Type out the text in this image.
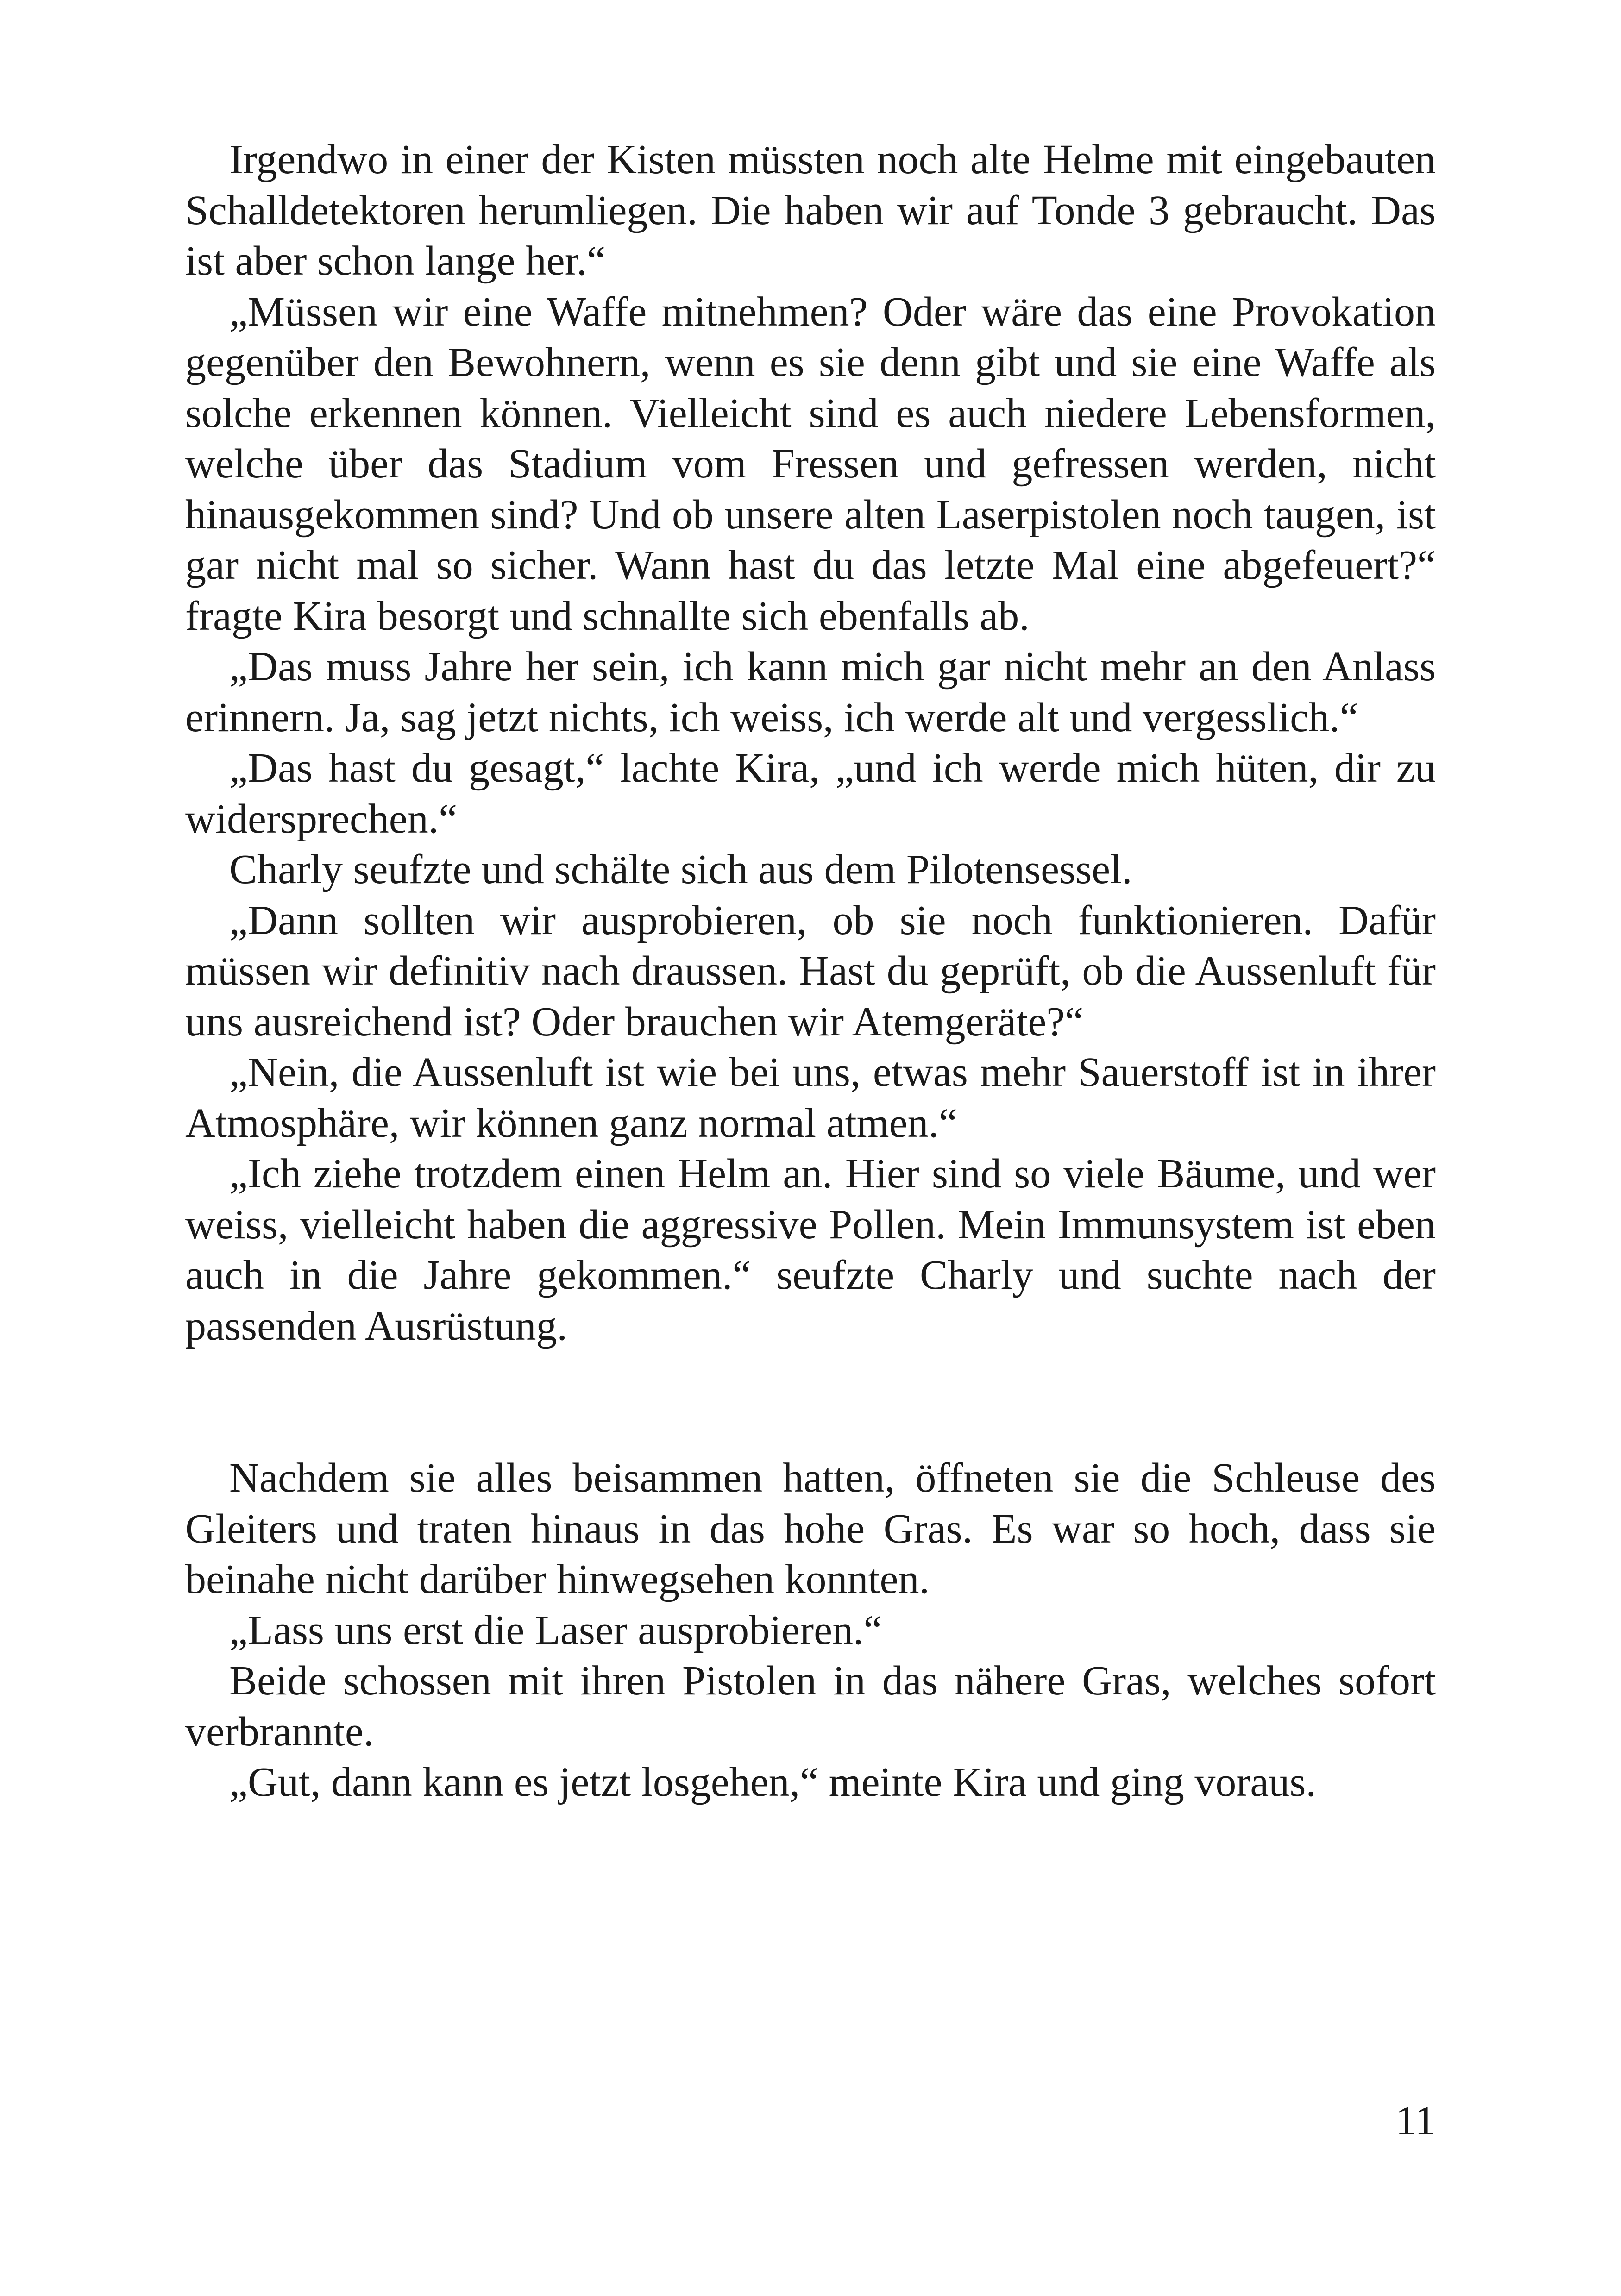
Irgendwo in einer der Kisten müssten noch alte Helme mit eingebauten Schalldetektoren herumliegen. Die haben wir auf Tonde 3 gebraucht. Das ist aber schon lange her.“

„Müssen wir eine Waffe mitnehmen? Oder wäre das eine Provokation gegenüber den Bewohnern, wenn es sie denn gibt und sie eine Waffe als solche erkennen können. Vielleicht sind es auch niedere Lebensformen, welche über das Stadium vom Fressen und gefressen werden, nicht hinausgekommen sind? Und ob unsere alten Laserpistolen noch taugen, ist gar nicht mal so sicher. Wann hast du das letzte Mal eine abgefeuert?“ fragte Kira besorgt und schnallte sich ebenfalls ab.

„Das muss Jahre her sein, ich kann mich gar nicht mehr an den Anlass erinnern. Ja, sag jetzt nichts, ich weiss, ich werde alt und vergesslich.“

„Das hast du gesagt,“ lachte Kira, „und ich werde mich hüten, dir zu widersprechen.“

Charly seufzte und schälte sich aus dem Pilotensessel.

„Dann sollten wir ausprobieren, ob sie noch funktionieren. Dafür müssen wir definitiv nach draussen. Hast du geprüft, ob die Aussenluft für uns ausreichend ist? Oder brauchen wir Atemgeräte?“

„Nein, die Aussenluft ist wie bei uns, etwas mehr Sauerstoff ist in ihrer Atmosphäre, wir können ganz normal atmen.“

„Ich ziehe trotzdem einen Helm an. Hier sind so viele Bäume, und wer weiss, vielleicht haben die aggressive Pollen. Mein Immunsystem ist eben auch in die Jahre gekommen.“ seufzte Charly und suchte nach der passenden Ausrüstung.

Nachdem sie alles beisammen hatten, öffneten sie die Schleuse des Gleiters und traten hinaus in das hohe Gras. Es war so hoch, dass sie beinahe nicht darüber hinwegsehen konnten.

„Lass uns erst die Laser ausprobieren.“

Beide schossen mit ihren Pistolen in das nähere Gras, welches sofort verbrannte.

„Gut, dann kann es jetzt losgehen,“ meinte Kira und ging voraus.

11
